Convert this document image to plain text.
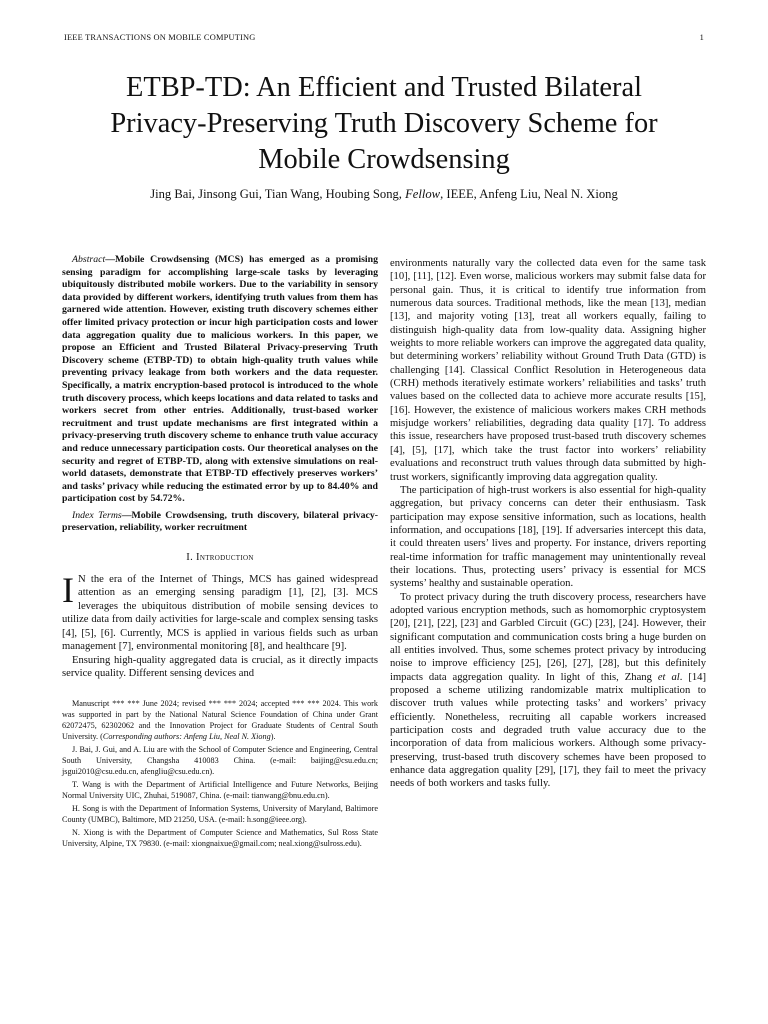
IEEE TRANSACTIONS ON MOBILE COMPUTING	1
ETBP-TD: An Efficient and Trusted Bilateral
Privacy-Preserving Truth Discovery Scheme for
Mobile Crowdsensing
Jing Bai, Jinsong Gui, Tian Wang, Houbing Song, Fellow, IEEE, Anfeng Liu, Neal N. Xiong

Abstract—Mobile Crowdsensing (MCS) has emerged as a promising sensing paradigm for accomplishing large-scale tasks by leveraging ubiquitously distributed mobile workers. Due to the variability in sensory data provided by different workers, identifying truth values from them has garnered wide attention. However, existing truth discovery schemes either offer limited privacy protection or incur high participation costs and lower data aggregation quality due to malicious workers. In this paper, we propose an Efficient and Trusted Bilateral Privacy-preserving Truth Discovery scheme (ETBP-TD) to obtain high-quality truth values while preventing privacy leakage from both workers and the data requester. Specifically, a matrix encryption-based protocol is introduced to the whole truth discovery process, which keeps locations and data related to tasks and workers secret from other entries. Additionally, trust-based worker recruitment and trust update mechanisms are first integrated within a privacy-preserving truth discovery scheme to enhance truth value accuracy and reduce unnecessary participation costs. Our theoretical analyses on the security and regret of ETBP-TD, along with extensive simulations on real-world datasets, demonstrate that ETBP-TD effectively preserves workers’ and tasks’ privacy while reducing the estimated error by up to 84.40% and participation cost by 54.72%.

Index Terms—Mobile Crowdsensing, truth discovery, bilateral privacy-preservation, reliability, worker recruitment

I. Introduction

I N the era of the Internet of Things, MCS has gained widespread attention as an emerging sensing paradigm [1], [2], [3]. MCS leverages the ubiquitous distribution of mobile sensing devices to utilize data from daily activities for large-scale and complex sensing tasks [4], [5], [6]. Currently, MCS is applied in various fields such as urban management [7], environmental monitoring [8], and healthcare [9].

Ensuring high-quality aggregated data is crucial, as it directly impacts service quality. Different sensing devices and

Manuscript *** *** June 2024; revised *** *** 2024; accepted *** *** 2024. This work was supported in part by the National Natural Science Foundation of China under Grant 62072475, 62302062 and the Innovation Project for Graduate Students of Central South University. (Corresponding authors: Anfeng Liu, Neal N. Xiong).

J. Bai, J. Gui, and A. Liu are with the School of Computer Science and Engineering, Central South University, Changsha 410083 China. (e-mail: baijing@csu.edu.cn; jsgui2010@csu.edu.cn, afengliu@csu.edu.cn).

T. Wang is with the Department of Artificial Intelligence and Future Networks, Beijing Normal University UIC, Zhuhai, 519087, China. (e-mail: tianwang@bnu.edu.cn).

H. Song is with the Department of Information Systems, University of Maryland, Baltimore County (UMBC), Baltimore, MD 21250, USA. (e-mail: h.song@ieee.org).

N. Xiong is with the Department of Computer Science and Mathematics, Sul Ross State University, Alpine, TX 79830. (e-mail: xiongnaixue@gmail.com; neal.xiong@sulross.edu).

environments naturally vary the collected data even for the same task [10], [11], [12]. Even worse, malicious workers may submit false data for personal gain. Thus, it is critical to identify true information from numerous data sources. Traditional methods, like the mean [13], median [13], and majority voting [13], treat all workers equally, failing to distinguish high-quality data from low-quality data. Assigning higher weights to more reliable workers can improve the aggregated data quality, but determining workers’ reliability without Ground Truth Data (GTD) is challenging [14]. Classical Conflict Resolution in Heterogeneous data (CRH) methods iteratively estimate workers’ reliabilities and tasks’ truth values based on the collected data to achieve more accurate results [15], [16]. However, the existence of malicious workers makes CRH methods misjudge workers’ reliabilities, degrading data quality [17]. To address this issue, researchers have proposed trust-based truth discovery schemes [4], [5], [17], which take the trust factor into workers’ reliability evaluations and reconstruct truth values through data submitted by high-trust workers, significantly improving data aggregation quality.

The participation of high-trust workers is also essential for high-quality aggregation, but privacy concerns can deter their enthusiasm. Task participation may expose sensitive information, such as locations, health information, and occupations [18], [19]. If adversaries intercept this data, it could threaten users’ lives and property. For instance, drivers reporting real-time information for traffic management may unintentionally reveal their locations. Thus, protecting users’ privacy is essential for MCS systems’ healthy and sustainable operation.

To protect privacy during the truth discovery process, researchers have adopted various encryption methods, such as homomorphic cryptosystem [20], [21], [22], [23] and Garbled Circuit (GC) [23], [24]. However, their significant computation and communication costs bring a huge burden on all entities involved. Thus, some schemes protect privacy by introducing noise to improve efficiency [25], [26], [27], [28], but this definitely impacts data aggregation quality. In light of this, Zhang et al. [14] proposed a scheme utilizing randomizable matrix multiplication to discover truth values while protecting tasks’ and workers’ privacy efficiently. Nonetheless, recruiting all capable workers increased participation costs and degraded truth value accuracy due to the incorporation of data from malicious workers. Although some privacy-preserving, trust-based truth discovery schemes have been proposed to enhance data aggregation quality [29], [17], they fail to meet the privacy needs of both workers and tasks fully.
